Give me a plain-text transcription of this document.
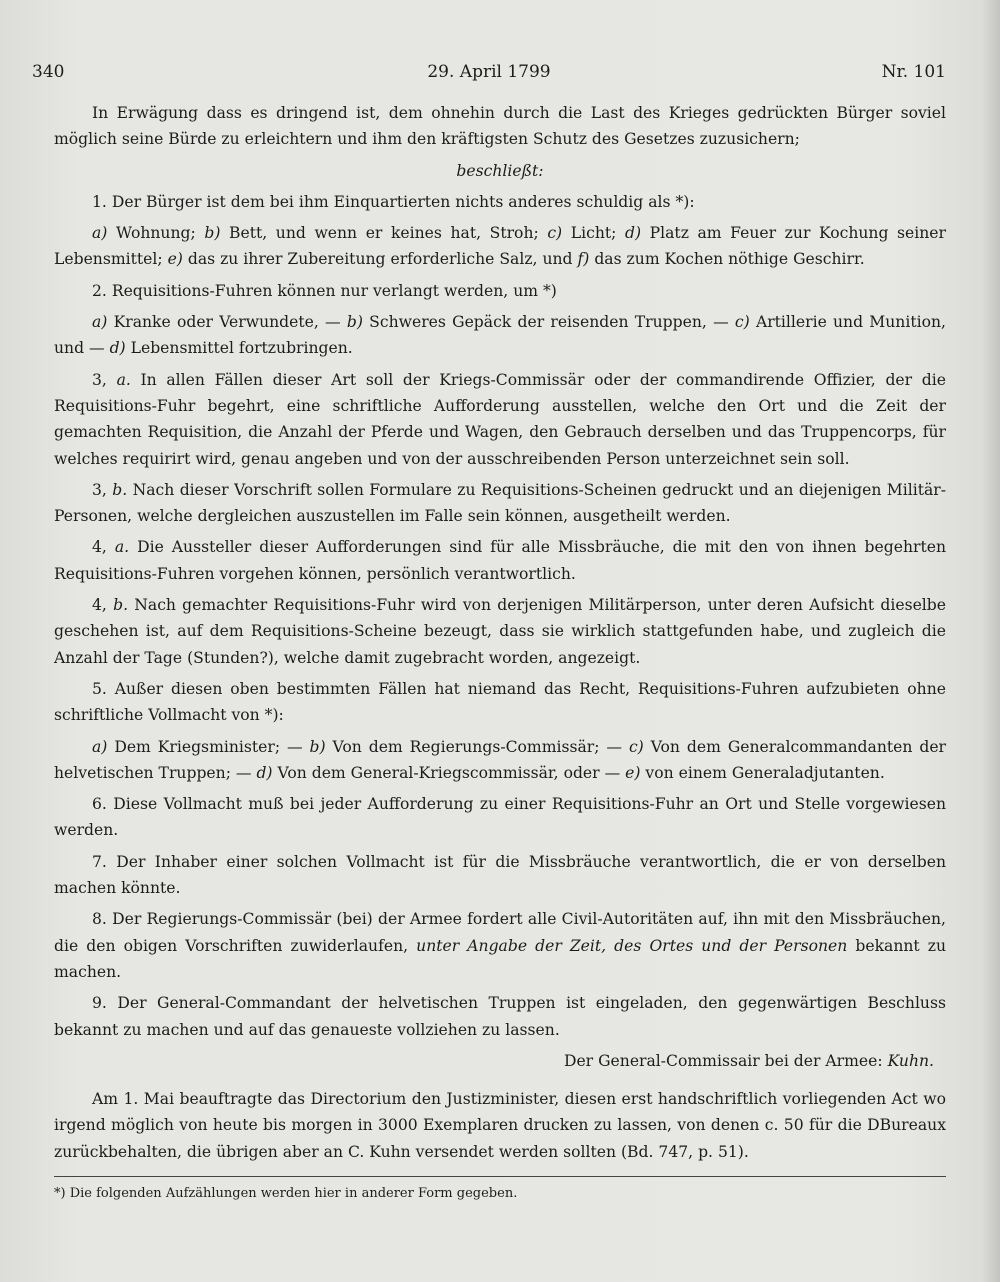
340	29. April 1799	Nr. 101

In Erwägung dass es dringend ist, dem ohnehin durch die Last des Krieges gedrückten Bürger soviel möglich seine Bürde zu erleichtern und ihm den kräftigsten Schutz des Gesetzes zuzusichern;

beschließt:

1. Der Bürger ist dem bei ihm Einquartierten nichts anderes schuldig als *):

a) Wohnung; b) Bett, und wenn er keines hat, Stroh; c) Licht; d) Platz am Feuer zur Kochung seiner Lebensmittel; e) das zu ihrer Zubereitung erforderliche Salz, und f) das zum Kochen nöthige Geschirr.

2. Requisitions-Fuhren können nur verlangt werden, um *)

a) Kranke oder Verwundete, — b) Schweres Gepäck der reisenden Truppen, — c) Artillerie und Munition, und — d) Lebensmittel fortzubringen.

3, a. In allen Fällen dieser Art soll der Kriegs-Commissär oder der commandirende Offizier, der die Requisitions-Fuhr begehrt, eine schriftliche Aufforderung ausstellen, welche den Ort und die Zeit der gemachten Requisition, die Anzahl der Pferde und Wagen, den Gebrauch derselben und das Truppencorps, für welches requirirt wird, genau angeben und von der ausschreibenden Person unterzeichnet sein soll.

3, b. Nach dieser Vorschrift sollen Formulare zu Requisitions-Scheinen gedruckt und an diejenigen Militär-Personen, welche dergleichen auszustellen im Falle sein können, ausgetheilt werden.

4, a. Die Aussteller dieser Aufforderungen sind für alle Missbräuche, die mit den von ihnen begehrten Requisitions-Fuhren vorgehen können, persönlich verantwortlich.

4, b. Nach gemachter Requisitions-Fuhr wird von derjenigen Militärperson, unter deren Aufsicht dieselbe geschehen ist, auf dem Requisitions-Scheine bezeugt, dass sie wirklich stattgefunden habe, und zugleich die Anzahl der Tage (Stunden?), welche damit zugebracht worden, angezeigt.

5. Außer diesen oben bestimmten Fällen hat niemand das Recht, Requisitions-Fuhren aufzubieten ohne schriftliche Vollmacht von *):

a) Dem Kriegsminister; — b) Von dem Regierungs-Commissär; — c) Von dem Generalcommandanten der helvetischen Truppen; — d) Von dem General-Kriegscommissär, oder — e) von einem Generaladjutanten.

6. Diese Vollmacht muß bei jeder Aufforderung zu einer Requisitions-Fuhr an Ort und Stelle vorgewiesen werden.

7. Der Inhaber einer solchen Vollmacht ist für die Missbräuche verantwortlich, die er von derselben machen könnte.

8. Der Regierungs-Commissär (bei) der Armee fordert alle Civil-Autoritäten auf, ihn mit den Missbräuchen, die den obigen Vorschriften zuwiderlaufen, unter Angabe der Zeit, des Ortes und der Personen bekannt zu machen.

9. Der General-Commandant der helvetischen Truppen ist eingeladen, den gegenwärtigen Beschluss bekannt zu machen und auf das genaueste vollziehen zu lassen.

Der General-Commissair bei der Armee: Kuhn.

Am 1. Mai beauftragte das Directorium den Justizminister, diesen erst handschriftlich vorliegenden Act wo irgend möglich von heute bis morgen in 3000 Exemplaren drucken zu lassen, von denen c. 50 für die DBureaux zurückbehalten, die übrigen aber an C. Kuhn versendet werden sollten (Bd. 747, p. 51).

*) Die folgenden Aufzählungen werden hier in anderer Form gegeben.
